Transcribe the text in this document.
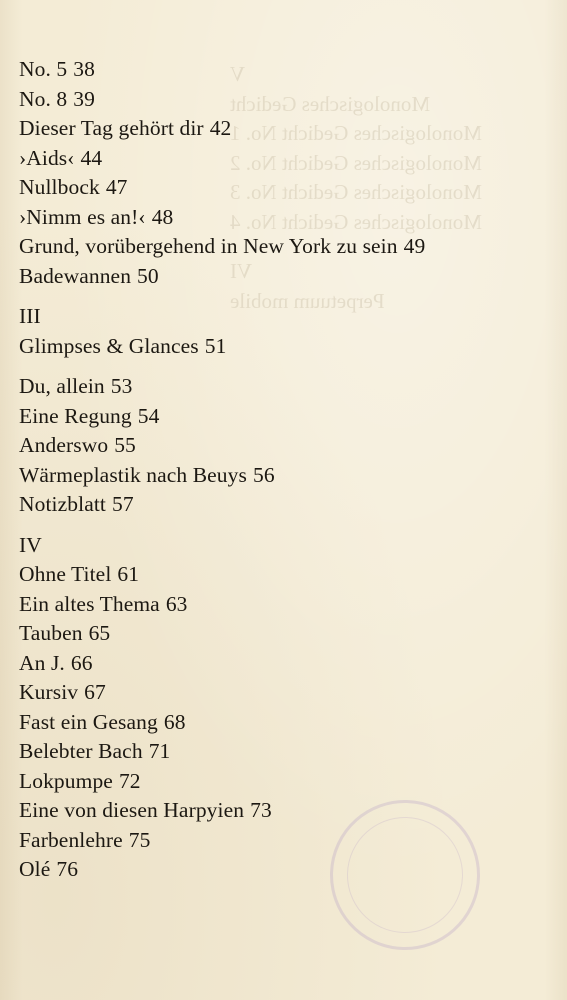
V
Monologisches Gedicht
Monologisches Gedicht No. 1
Monologisches Gedicht No. 2
Monologisches Gedicht No. 3
Monologisches Gedicht No. 4
VI
Perpetuum mobile
No. 5 38
No. 8 39
Dieser Tag gehört dir 42
›Aids‹ 44
Nullbock 47
›Nimm es an!‹ 48
Grund, vorübergehend in New York zu sein 49
Badewannen 50
III
Glimpses & Glances 51
Du, allein 53
Eine Regung 54
Anderswo 55
Wärmeplastik nach Beuys 56
Notizblatt 57
IV
Ohne Titel 61
Ein altes Thema 63
Tauben 65
An J. 66
Kursiv 67
Fast ein Gesang 68
Belebter Bach 71
Lokpumpe 72
Eine von diesen Harpyien 73
Farbenlehre 75
Olé 76
